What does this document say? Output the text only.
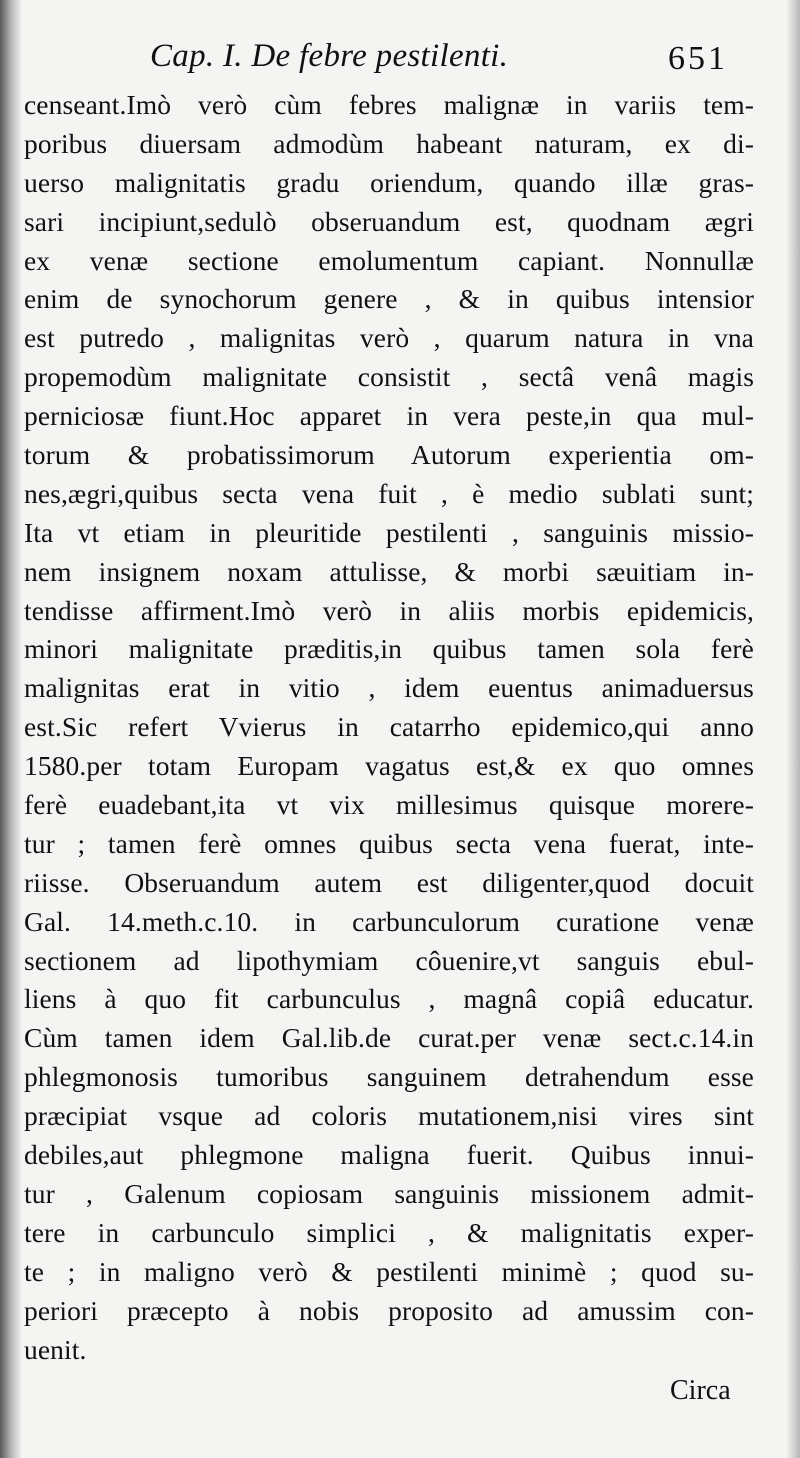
Cap. I. De febre pestilenti.	651
censeant.Imò verò cùm febres malignæ in variis tem-
poribus diuersam admodùm habeant naturam, ex di-
uerso malignitatis gradu oriendum, quando illæ gras-
sari incipiunt,sedulò obseruandum est, quodnam ægri
ex venæ sectione emolumentum capiant. Nonnullæ
enim de synochorum genere , & in quibus intensior
est putredo , malignitas verò , quarum natura in vna
propemodùm malignitate consistit , sectâ venâ magis
perniciosæ fiunt.Hoc apparet in vera peste,in qua mul-
torum & probatissimorum Autorum experientia om-
nes,ægri,quibus secta vena fuit , è medio sublati sunt;
Ita vt etiam in pleuritide pestilenti , sanguinis missio-
nem insignem noxam attulisse, & morbi sæuitiam in-
tendisse affirment.Imò verò in aliis morbis epidemicis,
minori malignitate præditis,in quibus tamen sola ferè
malignitas erat in vitio , idem euentus animaduersus
est.Sic refert Vvierus in catarrho epidemico,qui anno
1580.per totam Europam vagatus est,& ex quo omnes
ferè euadebant,ita vt vix millesimus quisque morere-
tur ; tamen ferè omnes quibus secta vena fuerat, inte-
riisse. Obseruandum autem est diligenter,quod docuit
Gal. 14.meth.c.10. in carbunculorum curatione venæ
sectionem ad lipothymiam côuenire,vt sanguis ebul-
liens à quo fit carbunculus , magnâ copiâ educatur.
Cùm tamen idem Gal.lib.de curat.per venæ sect.c.14.in
phlegmonosis tumoribus sanguinem detrahendum esse
præcipiat vsque ad coloris mutationem,nisi vires sint
debiles,aut phlegmone maligna fuerit. Quibus innui-
tur , Galenum copiosam sanguinis missionem admit-
tere in carbunculo simplici , & malignitatis exper-
te ; in maligno verò & pestilenti minimè ; quod su-
periori præcepto à nobis proposito ad amussim con-
uenit.
Circa
